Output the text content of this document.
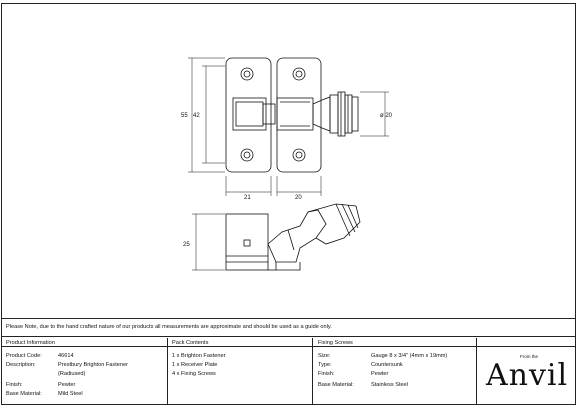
55 42	ø 20
21	20
25
Please Note, due to the hand crafted nature of our products all measurements are approximate and should be used as a guide only.
Product Information	Pack Contents	Fixing Screws
Product Code:	46614
Description:	Prestbury Brighton Fastener
(Radiused)
Finish:	Pewter
Base Material:	Mild Steel
1 x Brighton Fastener
1 x Receiver Plate
4 x Fixing Screws
Size:	Gauge 8 x 3/4" (4mm x 19mm)
Type:	Countersunk
Finish:	Pewter
Base Material:	Stainless Steel
From the
Anvil
